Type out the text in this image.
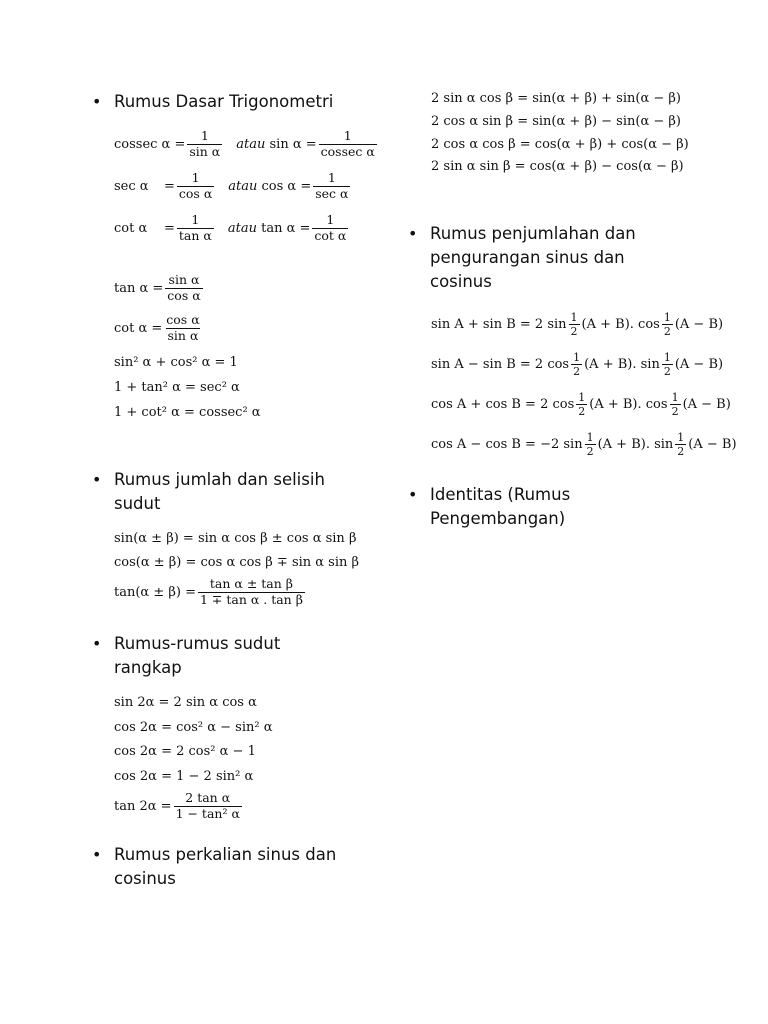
• Rumus Dasar Trigonometri
cossec $\alpha = \frac{1}{\text{sin α}}$ atau
$\sin \alpha = \frac{1}{\text{cossec α}}$
sec α	= $\frac{1}{\text{cos α}}$ atau
$\cos \alpha = \frac{1}{\text{sec α}}$
cot α	= $\frac{1}{\text{tan α}}$ atau
$\tan \alpha = \frac{1}{\text{cot α}}$
$\tan \alpha = \frac{\text{sin α}}{\text{cos α}}$
$\cot \alpha = \frac{\text{cos α}}{\text{sin α}}$
sin² α + cos² α = 1
1 + tan² α = sec² α
1 + cot² α = cossec² α
• Rumus jumlah dan selisih
sudut
sin(α ± β) = sin α cos β ± cos α sin β
cos(α ± β) = cos α cos β ∓ sin α sin β
$\tan(\alpha \pm \beta) = \frac{\text{tan α ± tan β}}{\text{1 ∓ tan α . tan β}}$
• Rumus-rumus sudut
rangkap
sin 2α = 2 sin α cos α
cos 2α = cos² α − sin² α
cos 2α = 2 cos² α − 1
cos 2α = 1 − 2 sin² α
$\tan 2\alpha = \frac{\text{2 tan α}}{\text{1 − tan² α}}$
• Rumus perkalian sinus dan
cosinus
2 sin α cos β = sin(α + β) + sin(α − β)
2 cos α sin β = sin(α + β) − sin(α − β)
2 cos α cos β = cos(α + β) + cos(α − β)
2 sin α sin β = cos(α + β) − cos(α − β)
• Rumus penjumlahan dan
pengurangan sinus dan
cosinus
sin A + sin B = 2 $\sin \frac{1}{2} (A + B)$. $\cos \frac{1}{2} (A - B)$
sin A − sin B = 2 $\cos \frac{1}{2} (A + B)$. $\sin \frac{1}{2} (A - B)$
cos A + cos B = 2 $\cos \frac{1}{2} (A + B)$. $\cos \frac{1}{2} (A - B)$
cos A − cos B = −2 $\sin \frac{1}{2} (A + B)$. $\sin \frac{1}{2} (A - B)$
• Identitas (Rumus
Pengembangan)
